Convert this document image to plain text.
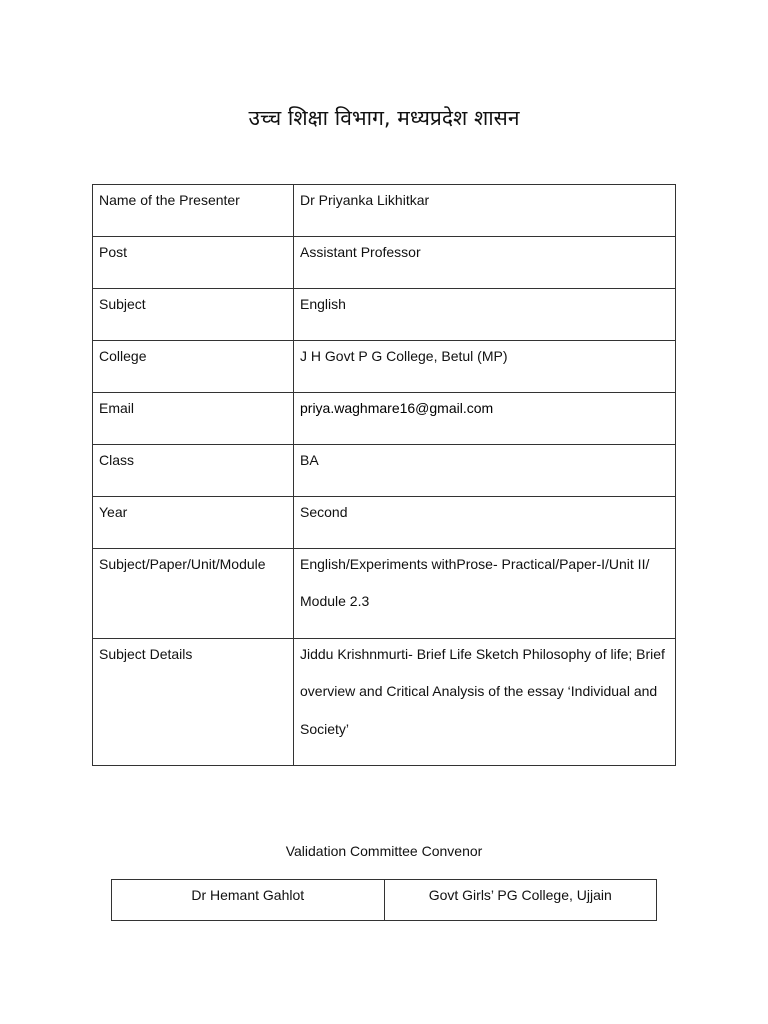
उच्च शिक्षा विभाग, मध्यप्रदेश शासन
Name of the Presenter	Dr Priyanka Likhitkar
Post	Assistant Professor
Subject	English
College	J H Govt P G College, Betul (MP)
Email	priya.waghmare16@gmail.com
Class	BA
Year	Second
Subject/Paper/Unit/Module	English/Experiments withProse- Practical/Paper-I/Unit II/ Module 2.3

Subject Details	Jiddu Krishnmurti- Brief Life Sketch Philosophy of life; Brief overview and Critical Analysis of the essay ‘Individual and Society’
Validation Committee Convenor
Dr Hemant Gahlot	Govt Girls’ PG College, Ujjain
